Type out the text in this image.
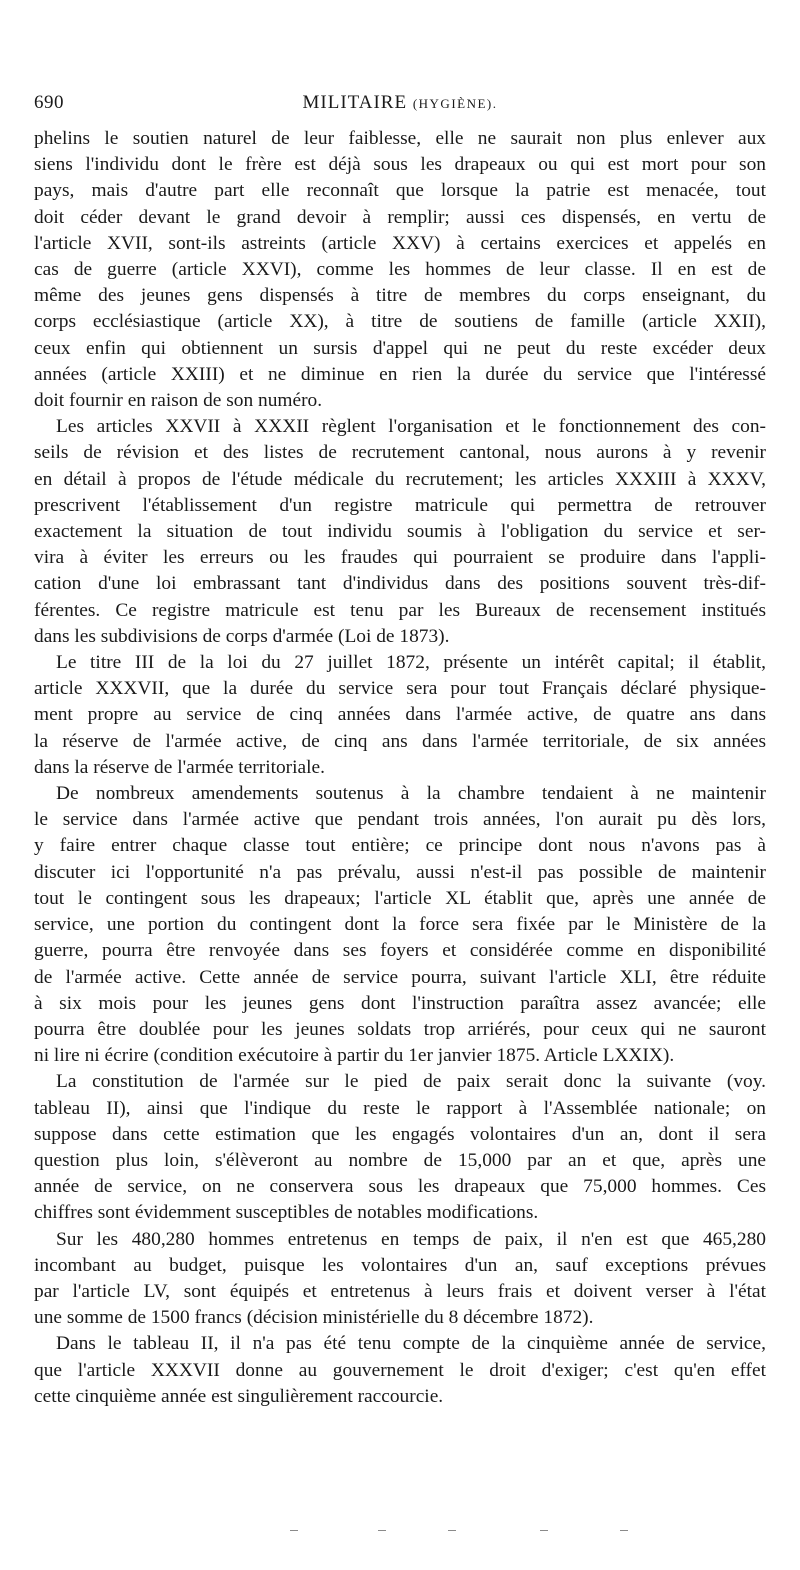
690	MILITAIRE (HYGIÈNE).

phelins le soutien naturel de leur faiblesse, elle ne saurait non plus enlever aux
siens l'individu dont le frère est déjà sous les drapeaux ou qui est mort pour son
pays, mais d'autre part elle reconnaît que lorsque la patrie est menacée, tout
doit céder devant le grand devoir à remplir; aussi ces dispensés, en vertu de
l'article XVII, sont-ils astreints (article XXV) à certains exercices et appelés en
cas de guerre (article XXVI), comme les hommes de leur classe. Il en est de
même des jeunes gens dispensés à titre de membres du corps enseignant, du
corps ecclésiastique (article XX), à titre de soutiens de famille (article XXII),
ceux enfin qui obtiennent un sursis d'appel qui ne peut du reste excéder deux
années (article XXIII) et ne diminue en rien la durée du service que l'intéressé
doit fournir en raison de son numéro.

Les articles XXVII à XXXII règlent l'organisation et le fonctionnement des con-
seils de révision et des listes de recrutement cantonal, nous aurons à y revenir
en détail à propos de l'étude médicale du recrutement; les articles XXXIII à XXXV,
prescrivent l'établissement d'un registre matricule qui permettra de retrouver
exactement la situation de tout individu soumis à l'obligation du service et ser-
vira à éviter les erreurs ou les fraudes qui pourraient se produire dans l'appli-
cation d'une loi embrassant tant d'individus dans des positions souvent très-dif-
férentes. Ce registre matricule est tenu par les Bureaux de recensement institués
dans les subdivisions de corps d'armée (Loi de 1873).

Le titre III de la loi du 27 juillet 1872, présente un intérêt capital; il établit,
article XXXVII, que la durée du service sera pour tout Français déclaré physique-
ment propre au service de cinq années dans l'armée active, de quatre ans dans
la réserve de l'armée active, de cinq ans dans l'armée territoriale, de six années
dans la réserve de l'armée territoriale.

De nombreux amendements soutenus à la chambre tendaient à ne maintenir
le service dans l'armée active que pendant trois années, l'on aurait pu dès lors,
y faire entrer chaque classe tout entière; ce principe dont nous n'avons pas à
discuter ici l'opportunité n'a pas prévalu, aussi n'est-il pas possible de maintenir
tout le contingent sous les drapeaux; l'article XL établit que, après une année de
service, une portion du contingent dont la force sera fixée par le Ministère de la
guerre, pourra être renvoyée dans ses foyers et considérée comme en disponibilité
de l'armée active. Cette année de service pourra, suivant l'article XLI, être réduite
à six mois pour les jeunes gens dont l'instruction paraîtra assez avancée; elle
pourra être doublée pour les jeunes soldats trop arriérés, pour ceux qui ne sauront
ni lire ni écrire (condition exécutoire à partir du 1er janvier 1875. Article LXXIX).

La constitution de l'armée sur le pied de paix serait donc la suivante (voy.
tableau II), ainsi que l'indique du reste le rapport à l'Assemblée nationale; on
suppose dans cette estimation que les engagés volontaires d'un an, dont il sera
question plus loin, s'élèveront au nombre de 15,000 par an et que, après une
année de service, on ne conservera sous les drapeaux que 75,000 hommes. Ces
chiffres sont évidemment susceptibles de notables modifications.

Sur les 480,280 hommes entretenus en temps de paix, il n'en est que 465,280
incombant au budget, puisque les volontaires d'un an, sauf exceptions prévues
par l'article LV, sont équipés et entretenus à leurs frais et doivent verser à l'état
une somme de 1500 francs (décision ministérielle du 8 décembre 1872).

Dans le tableau II, il n'a pas été tenu compte de la cinquième année de service,
que l'article XXXVII donne au gouvernement le droit d'exiger; c'est qu'en effet
cette cinquième année est singulièrement raccourcie.
